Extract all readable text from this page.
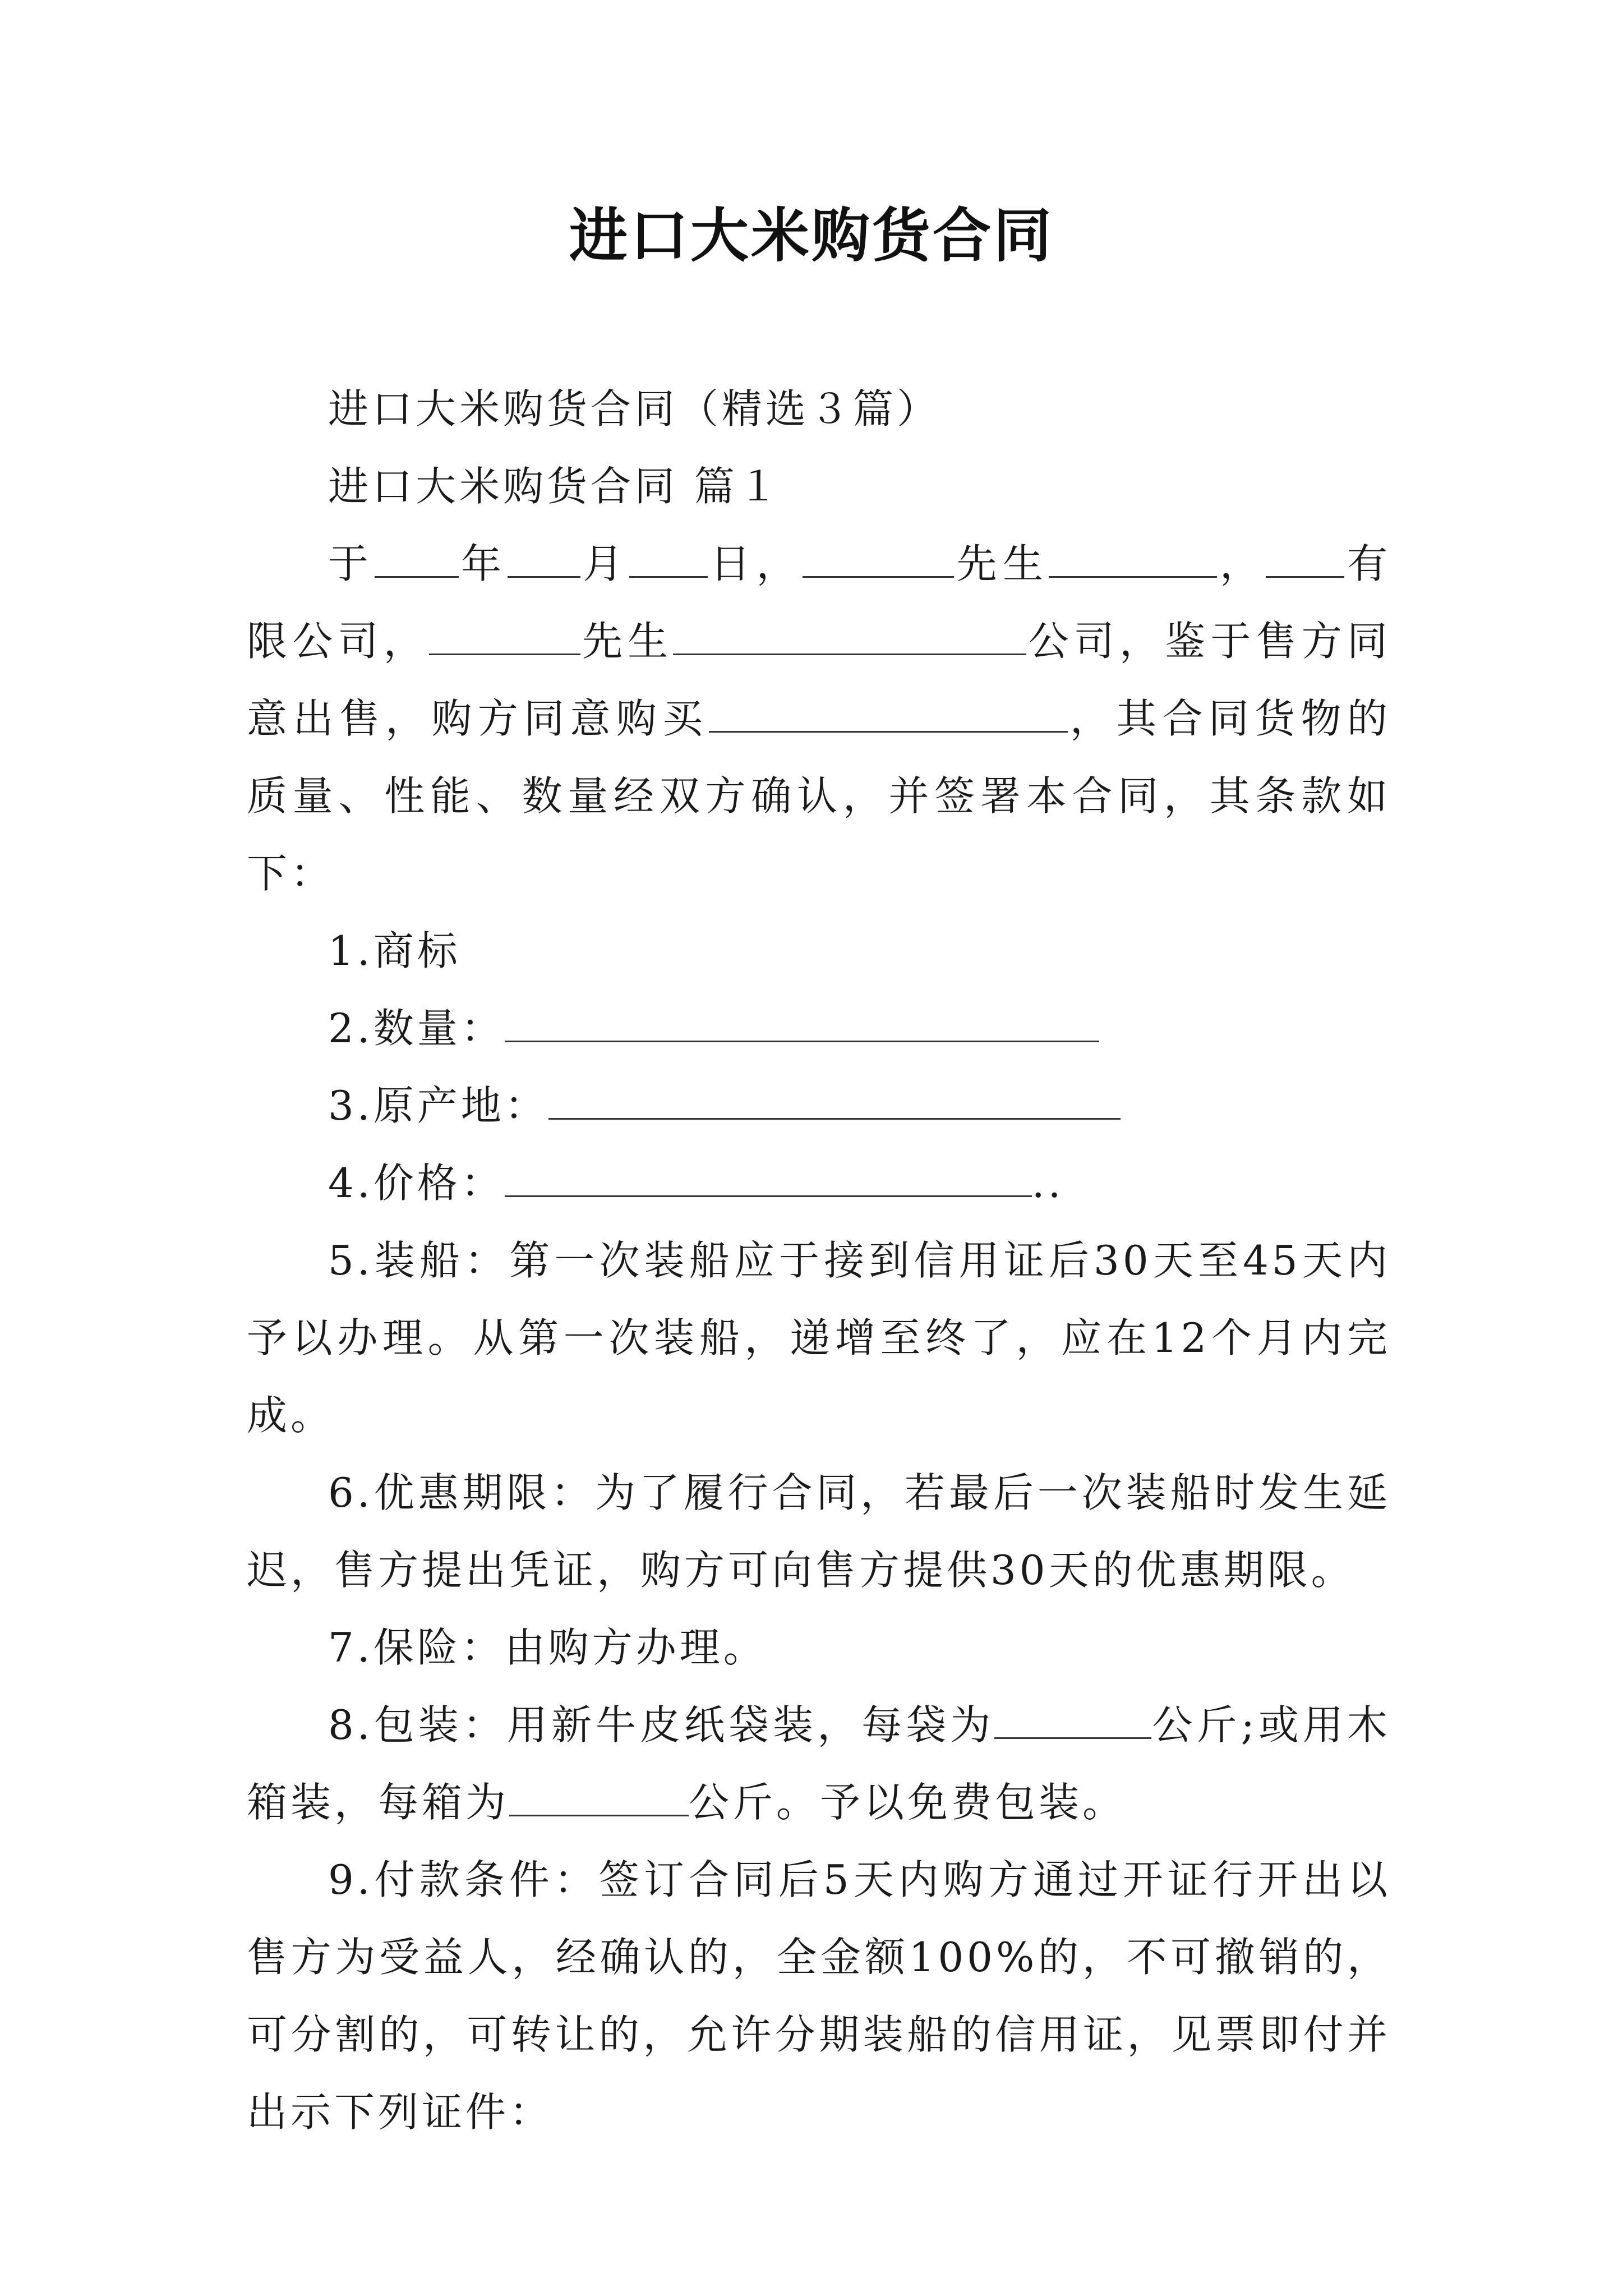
进口大米购货合同

进口大米购货合同（精选３篇）

进口大米购货合同 篇１

于 年 月 日，	先生	， 有限公司，	先生	公司，鉴于售方同意出售，购方同意购买	，其合同货物的质量、性能、数量经双方确认，并签署本合同，其条款如下：

1.商标

2.数量：

3.原产地：

4.价格：	..

5.装船：第一次装船应于接到信用证后30天至45天内予以办理。从第一次装船，递增至终了，应在12个月内完成。

6.优惠期限：为了履行合同，若最后一次装船时发生延迟，售方提出凭证，购方可向售方提供30天的优惠期限。

7.保险：由购方办理。

8.包装：用新牛皮纸袋装，每袋为	公斤;或用木箱装，每箱为	公斤。予以免费包装。

9.付款条件：签订合同后5天内购方通过开证行开出以售方为受益人，经确认的，全金额100%的，不可撤销的，可分割的，可转让的，允许分期装船的信用证，见票即付并出示下列证件：
